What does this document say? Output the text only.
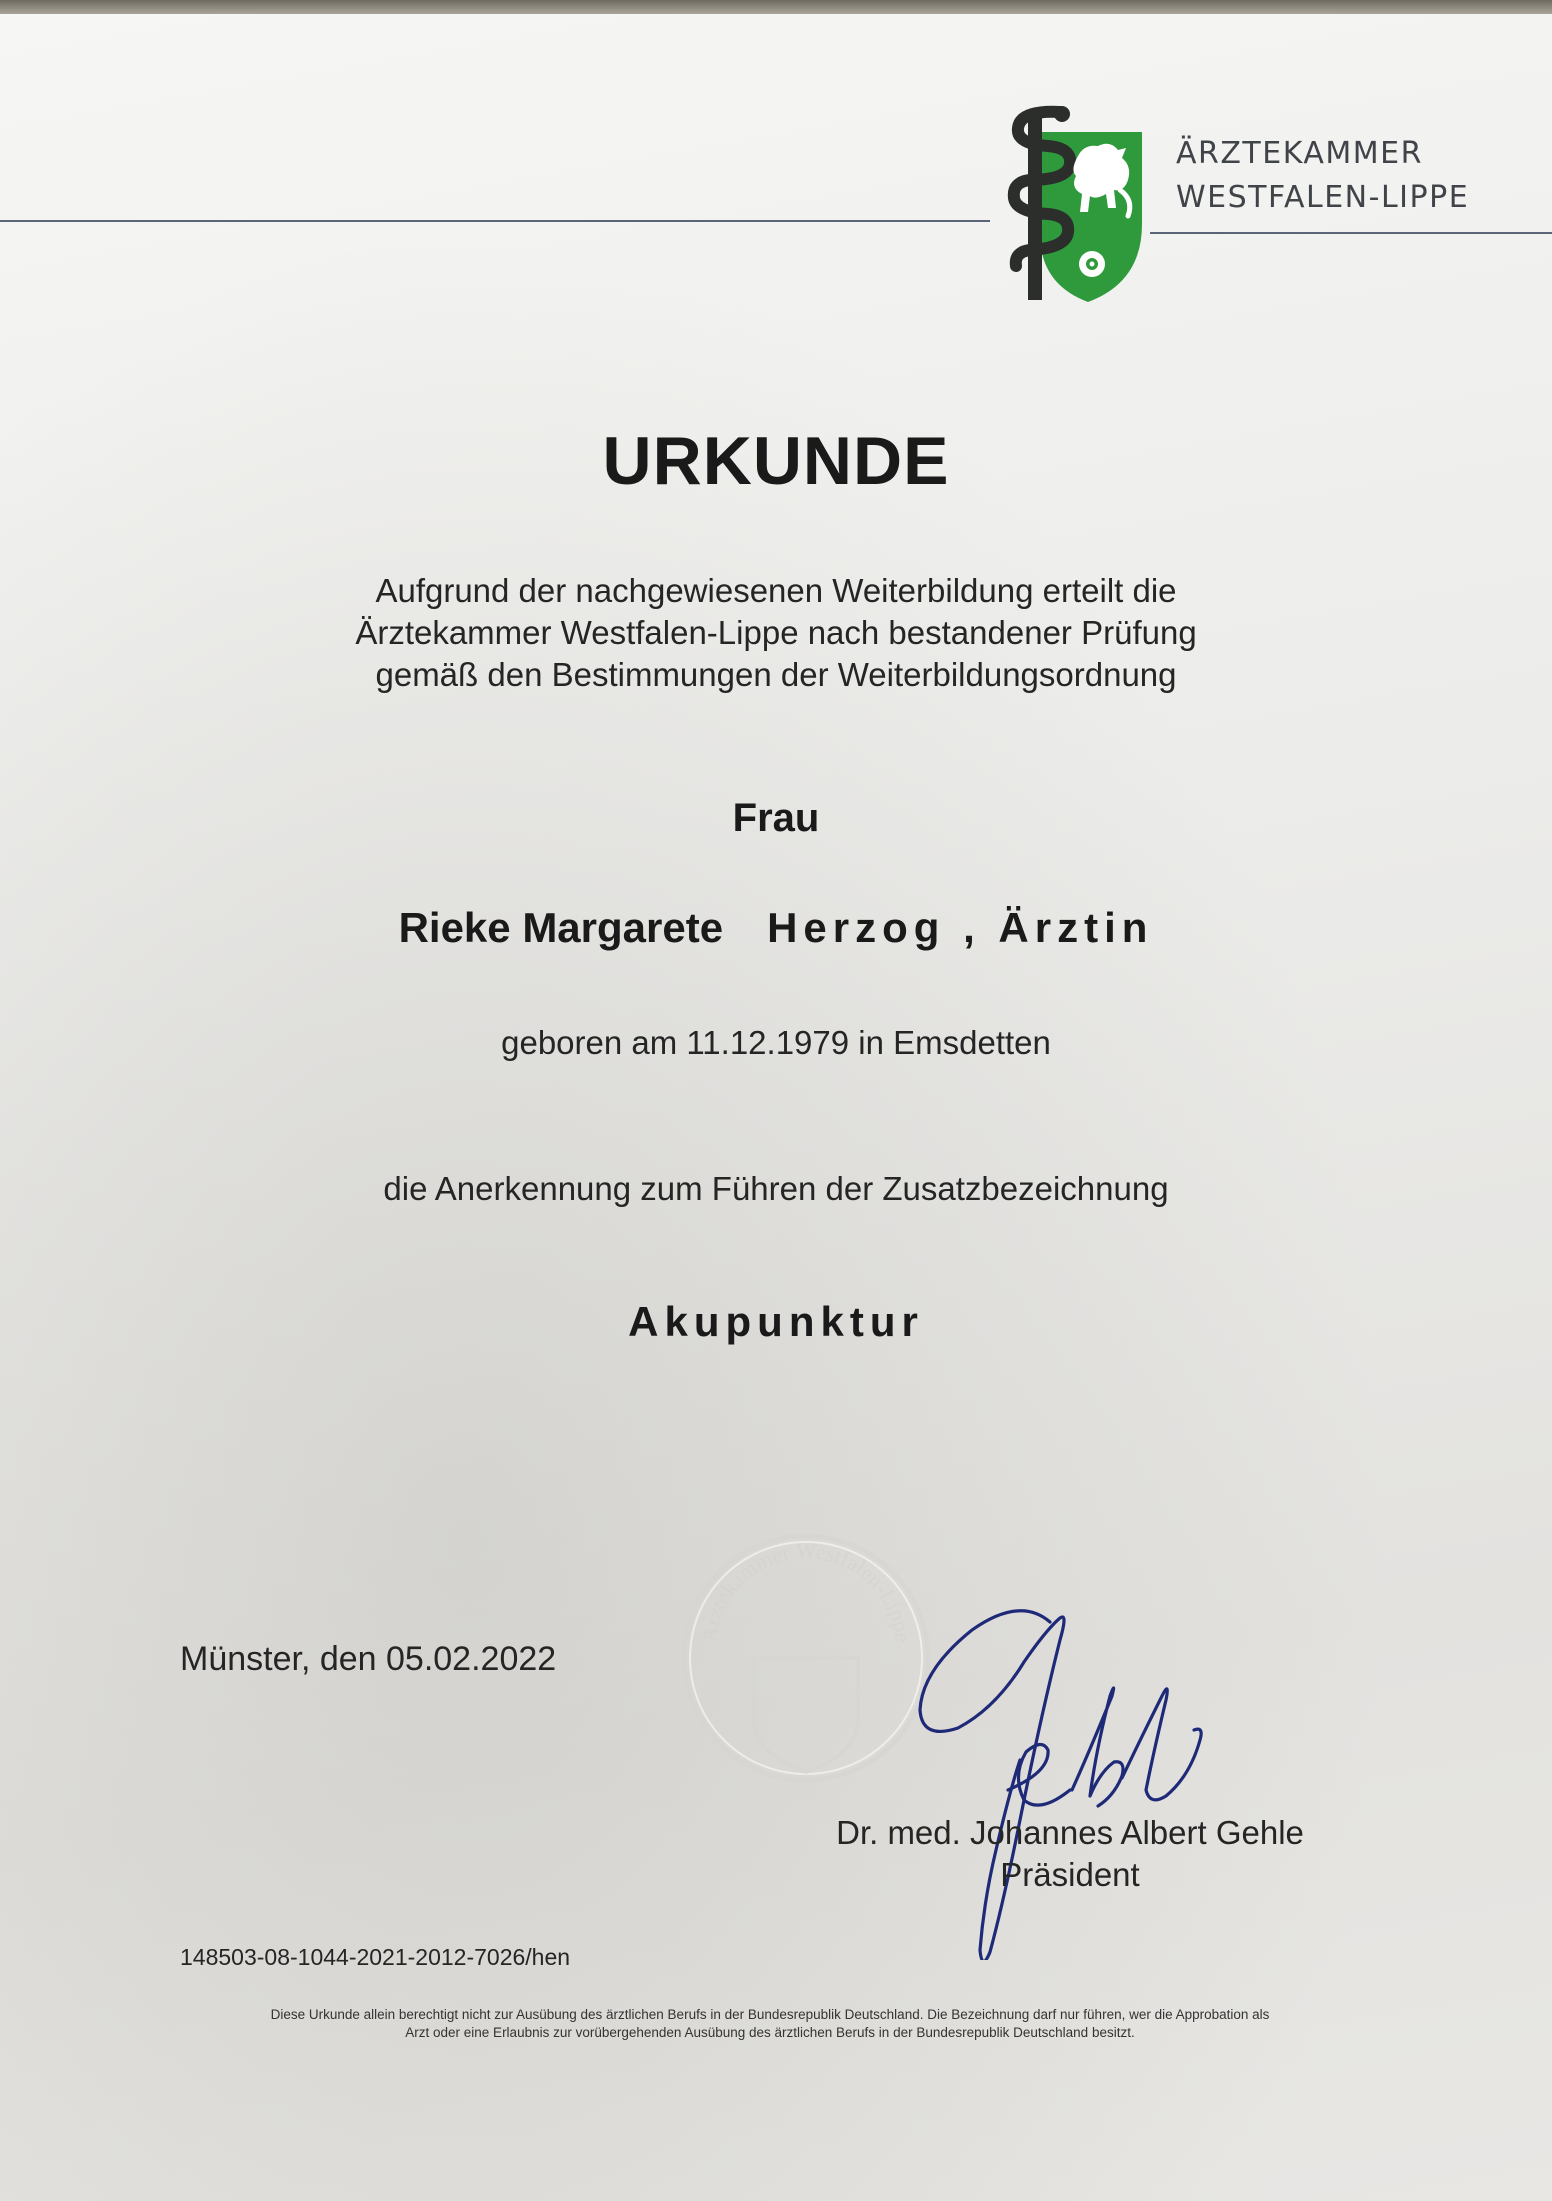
ÄRZTEKAMMER
WESTFALEN-LIPPE
URKUNDE
Aufgrund der nachgewiesenen Weiterbildung erteilt die
Ärztekammer Westfalen-Lippe nach bestandener Prüfung
gemäß den Bestimmungen der Weiterbildungsordnung
Frau
Rieke Margarete Herzog , Ärztin
geboren am 11.12.1979 in Emsdetten
die Anerkennung zum Führen der Zusatzbezeichnung
Akupunktur
Münster, den 05.02.2022
Ärztekammer Westfalen-Lippe
Dr. med. Johannes Albert Gehle
Präsident
148503-08-1044-2021-2012-7026/hen
Diese Urkunde allein berechtigt nicht zur Ausübung des ärztlichen Berufs in der Bundesrepublik Deutschland. Die Bezeichnung darf nur führen, wer die Approbation als
Arzt oder eine Erlaubnis zur vorübergehenden Ausübung des ärztlichen Berufs in der Bundesrepublik Deutschland besitzt.
